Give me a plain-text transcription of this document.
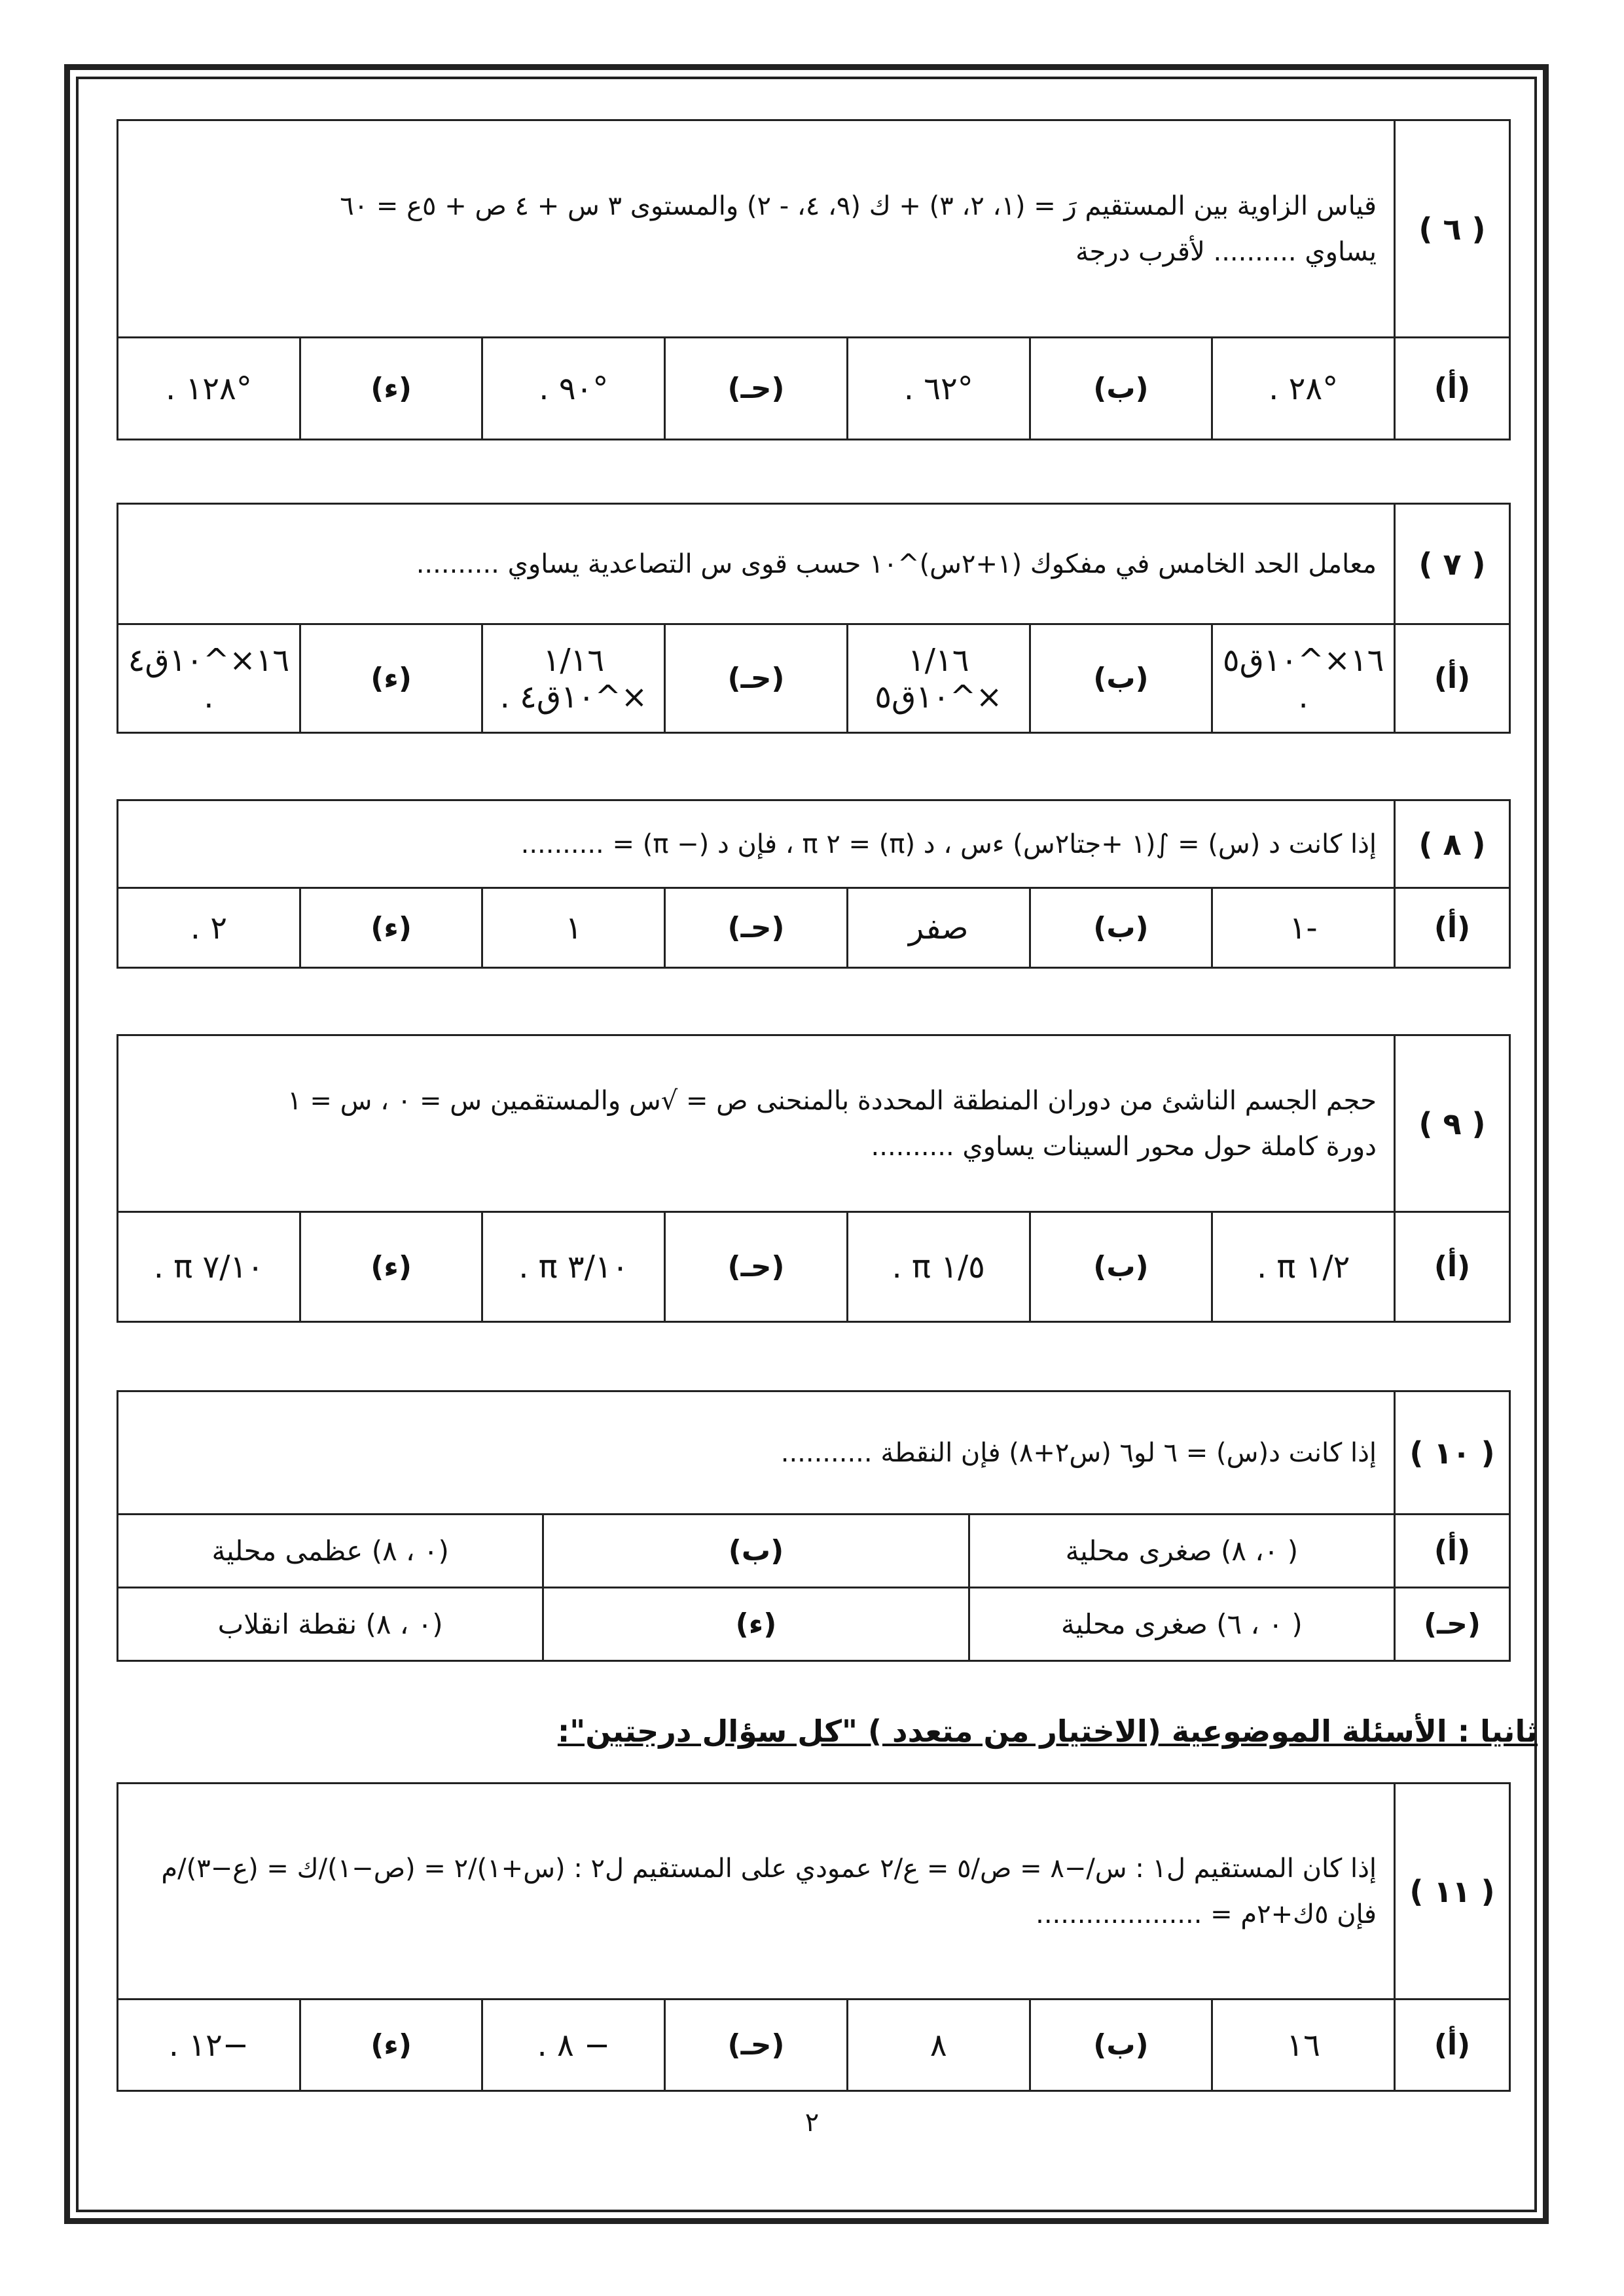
( ٦ )	قياس الزاوية بين المستقيم رَ = (١، ٢، ٣) + ك (٩، ٤، - ٢) والمستوى ٣ س + ٤ ص + ٥ع = ٦٠
يساوي .......... لأقرب درجة						

(أ)	°٢٨ .	(ب)	°٦٢ .	(حـ)	°٩٠ .	(ء)	°١٢٨ .
( ٧ )	معامل الحد الخامس في مفكوك (١+٢س)^١٠ حسب قوى س التصاعدية يساوي ..........						

(أ)	١٦×^١٠ق٥ .	(ب)	١/١٦ ×^١٠ق٥	(حـ)	١/١٦ ×^١٠ق٤ .	(ء)	١٦×^١٠ق٤ .
( ٨ )	إذا كانت د (س) = ∫(١ +جتا٢س) ءس ، د (π) = ٢ π ، فإن د (− π) = ..........						

(أ)	-١	(ب)	صفر	(حـ)	١	(ء)	٢ .
( ٩ )	حجم الجسم الناشئ من دوران المنطقة المحددة بالمنحنى ص = √س والمستقمين س = ٠ ، س = ١
دورة كاملة حول محور السينات يساوي ..........						

(أ)	١/٢ π .	(ب)	١/٥ π .	(حـ)	٣/١٠ π .	(ء)	٧/١٠ π .
( ١٠ )	إذا كانت د(س) = ٦ لو٦ (س٢+٨) فإن النقطة ...........		

(أ)	( ٠، ٨) صغرى محلية	(ب)	(٠ ، ٨) عظمى محلية
(حـ)	( ٠ ، ٦) صغرى محلية	(ء)	(٠ ، ٨) نقطة انقلاب
ثانيا : الأسئلة الموضوعية (الاختيار من متعدد ) "كل سؤال درجتين":
( ١١ )	إذا كان المستقيم ل١ : س/−٨ = ص/٥ = ع/٢ عمودي على المستقيم ل٢ : (س+١)/٢ = (ص−١)/ك = (ع−٣)/م
فإن ٥ك+٢م = ....................						

(أ)	١٦	(ب)	٨	(حـ)	− ٨ .	(ء)	−١٢ .
٢
